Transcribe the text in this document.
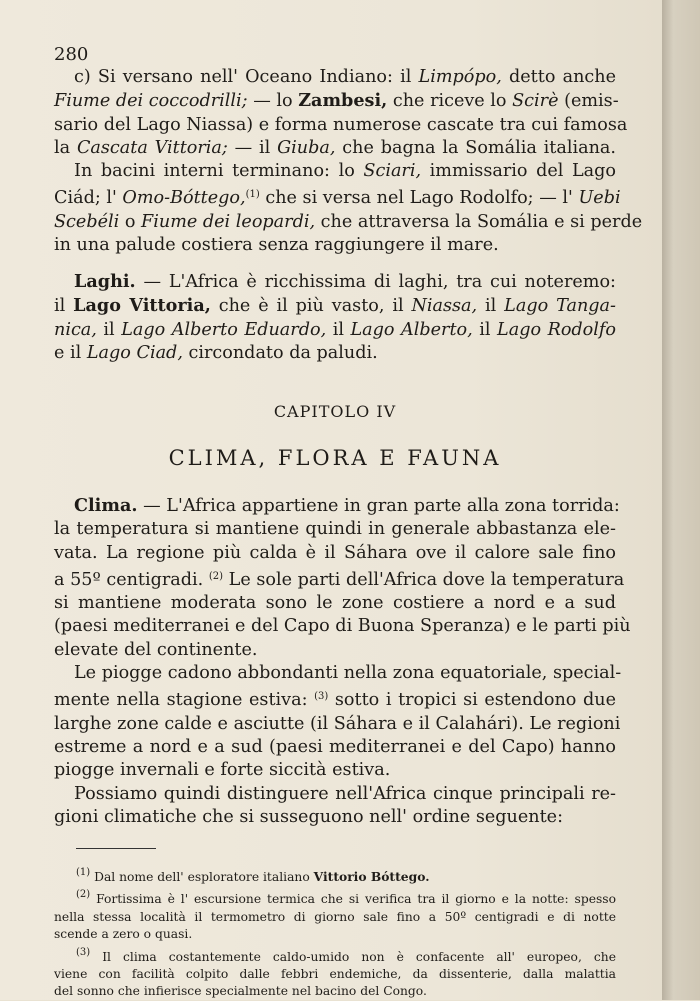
280
c) Si versano nell' Oceano Indiano: il Limpópo, detto anche
Fiume dei coccodrilli; — lo Zambesi, che riceve lo Scirè (emis-
sario del Lago Niassa) e forma numerose cascate tra cui famosa
la Cascata Vittoria; — il Giuba, che bagna la Somália italiana.
In bacini interni terminano: lo Sciari, immissario del Lago
Ciád; l' Omo-Bóttego,$^{(1)}$ che si versa nel Lago Rodolfo; — l' Uebi
Scebéli o Fiume dei leopardi, che attraversa la Somália e si perde
in una palude costiera senza raggiungere il mare.
Laghi. — L'Africa è ricchissima di laghi, tra cui noteremo:
il Lago Vittoria, che è il più vasto, il Niassa, il Lago Tanga-
nica, il Lago Alberto Eduardo, il Lago Alberto, il Lago Rodolfo
e il Lago Ciad, circondato da paludi.
CAPITOLO IV
CLIMA, FLORA E FAUNA
Clima. — L'Africa appartiene in gran parte alla zona torrida:
la temperatura si mantiene quindi in generale abbastanza ele-
vata. La regione più calda è il Sáhara ove il calore sale fino
a 55º centigradi. $^{(2)}$ Le sole parti dell'Africa dove la temperatura
si mantiene moderata sono le zone costiere a nord e a sud
(paesi mediterranei e del Capo di Buona Speranza) e le parti più
elevate del continente.
Le piogge cadono abbondanti nella zona equatoriale, special-
mente nella stagione estiva: $^{(3)}$ sotto i tropici si estendono due
larghe zone calde e asciutte (il Sáhara e il Calahári). Le regioni
estreme a nord e a sud (paesi mediterranei e del Capo) hanno
piogge invernali e forte siccità estiva.
Possiamo quindi distinguere nell'Africa cinque principali re-
gioni climatiche che si susseguono nell' ordine seguente:
$^{(1)}$ Dal nome dell' esploratore italiano Vittorio Bóttego.
$^{(2)}$ Fortissima è l' escursione termica che si verifica tra il giorno e la notte: spesso
nella stessa località il termometro di giorno sale fino a 50º centigradi e di notte
scende a zero o quasi.
$^{(3)}$ Il clima costantemente caldo-umido non è confacente all' europeo, che
viene con facilità colpito dalle febbri endemiche, da dissenterie, dalla malattia
del sonno che infierisce specialmente nel bacino del Congo.
